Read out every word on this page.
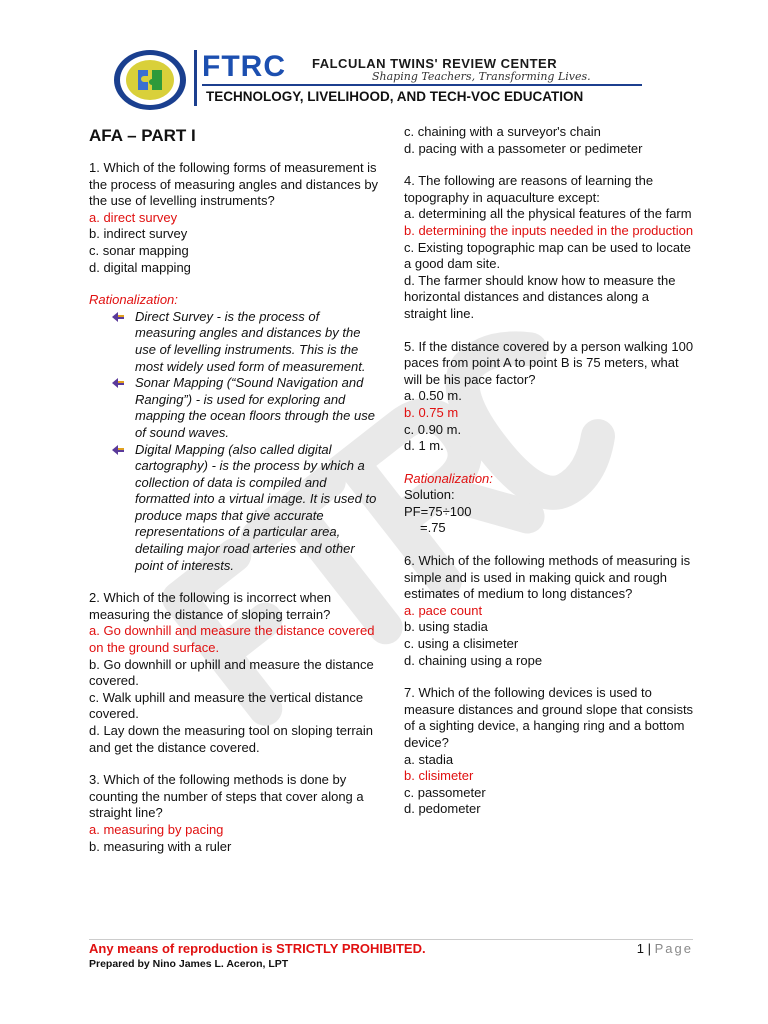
FTRC FALCULAN TWINS' REVIEW CENTER
Shaping Teachers, Transforming Lives.
TECHNOLOGY, LIVELIHOOD, AND TECH-VOC EDUCATION
AFA – PART I

1. Which of the following forms of measurement is the process of measuring angles and distances by the use of levelling instruments?

a. direct survey

b. indirect survey

c. sonar mapping

d. digital mapping

Rationalization:

Direct Survey - is the process of measuring angles and distances by the use of levelling instruments. This is the most widely used form of measurement.
Sonar Mapping (“Sound Navigation and Ranging”) - is used for exploring and mapping the ocean floors through the use of sound waves.
Digital Mapping (also called digital cartography) - is the process by which a collection of data is compiled and formatted into a virtual image. It is used to produce maps that give accurate representations of a particular area, detailing major road arteries and other point of interests.

2. Which of the following is incorrect when measuring the distance of sloping terrain?

a. Go downhill and measure the distance covered on the ground surface.

b. Go downhill or uphill and measure the distance covered.

c. Walk uphill and measure the vertical distance covered.

d. Lay down the measuring tool on sloping terrain and get the distance covered.

3. Which of the following methods is done by counting the number of steps that cover along a straight line?

a. measuring by pacing

b. measuring with a ruler

c. chaining with a surveyor's chain

d. pacing with a passometer or pedimeter

4. The following are reasons of learning the topography in aquaculture except:

a. determining all the physical features of the farm

b. determining the inputs needed in the production

c. Existing topographic map can be used to locate a good dam site.

d. The farmer should know how to measure the horizontal distances and distances along a straight line.

5. If the distance covered by a person walking 100 paces from point A to point B is 75 meters, what will be his pace factor?

a. 0.50 m.

b. 0.75 m

c. 0.90 m.

d. 1 m.

Rationalization:

Solution:

PF=75÷100

=.75

6. Which of the following methods of measuring is simple and is used in making quick and rough estimates of medium to long distances?

a. pace count

b. using stadia

c. using a clisimeter

d. chaining using a rope

7. Which of the following devices is used to measure distances and ground slope that consists of a sighting device, a hanging ring and a bottom device?

a. stadia

b. clisimeter

c. passometer

d. pedometer

Any means of reproduction is STRICTLY PROHIBITED.
Prepared by Nino James L. Aceron, LPT
1 | Page
